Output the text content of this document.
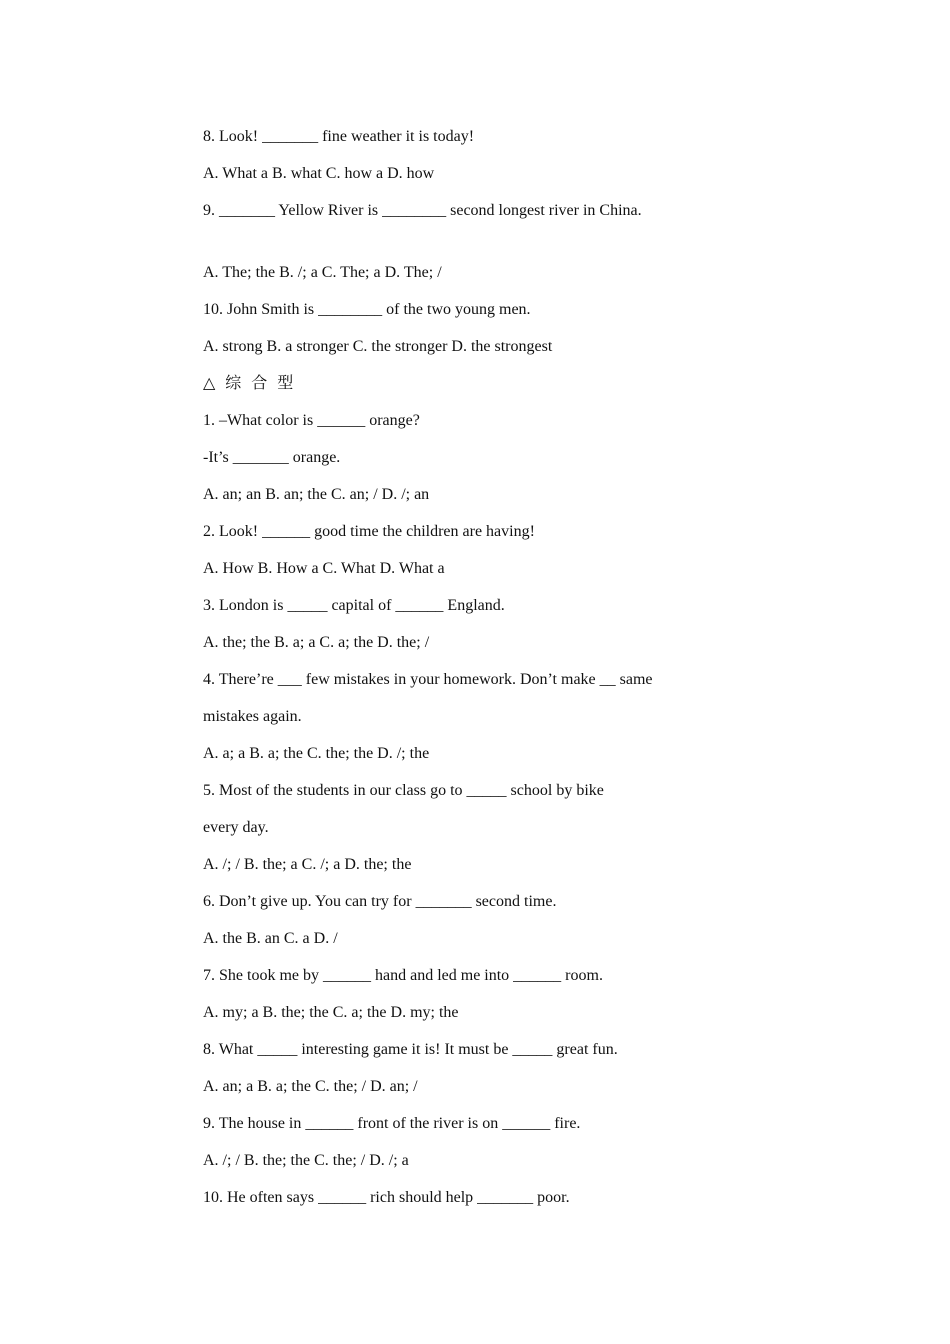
8. Look! _______ fine weather it is today!
A. What a B. what C. how a D. how
9. _______ Yellow River is ________ second longest river in China.
A. The; the B. /; a C. The; a D. The; /
10. John Smith is ________ of the two young men.
A. strong B. a stronger C. the stronger D. the strongest
△ 综 合 型
1. –What color is ______ orange?
-It’s _______ orange.
A. an; an B. an; the C. an; / D. /; an
2. Look! ______ good time the children are having!
A. How B. How a C. What D. What a
3. London is _____ capital of ______ England.
A. the; the B. a; a C. a; the D. the; /
4. There’re ___ few mistakes in your homework. Don’t make __ same
mistakes again.
A. a; a B. a; the C. the; the D. /; the
5. Most of the students in our class go to _____ school by bike
every day.
A. /; / B. the; a C. /; a D. the; the
6. Don’t give up. You can try for _______ second time.
A. the B. an C. a D. /
7. She took me by ______ hand and led me into ______ room.
A. my; a B. the; the C. a; the D. my; the
8. What _____ interesting game it is! It must be _____ great fun.
A. an; a B. a; the C. the; / D. an; /
9. The house in ______ front of the river is on ______ fire.
A. /; / B. the; the C. the; / D. /; a
10. He often says ______ rich should help _______ poor.
